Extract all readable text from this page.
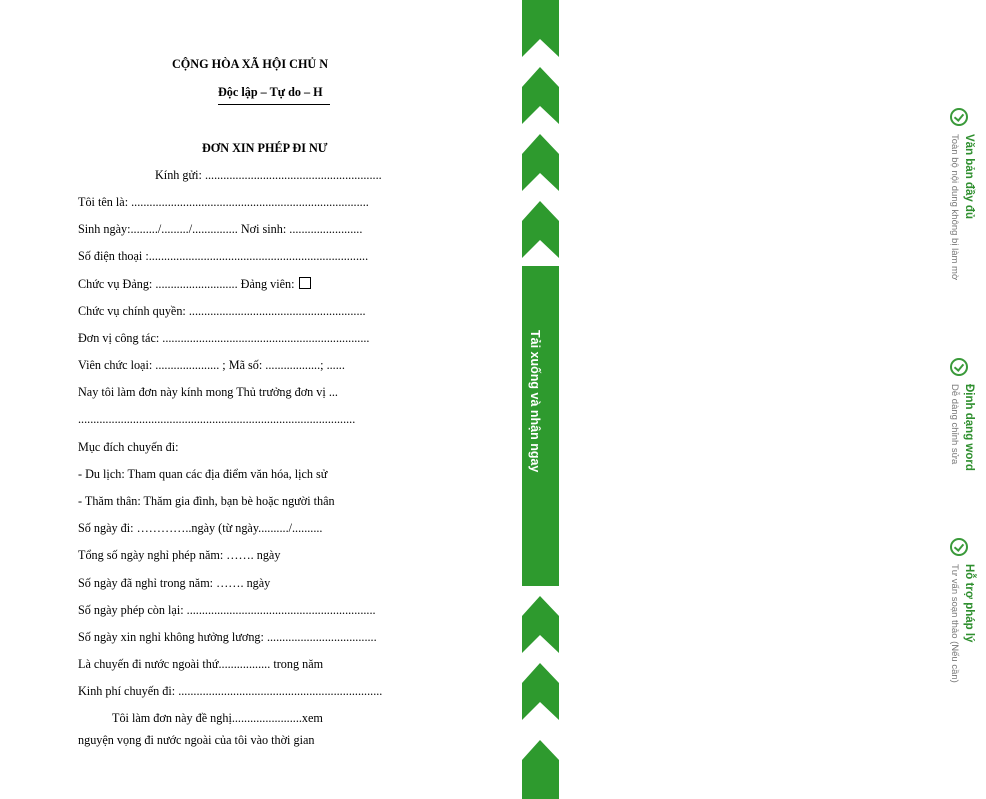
CỘNG HÒA XÃ HỘI CHỦ N
Độc lập – Tự do – H
ĐƠN XIN PHÉP ĐI NƯ
Kính gửi: ..........................................................
Tôi tên là: ..............................................................................
Sinh ngày:........./........./............... Nơi sinh: ........................
Số điện thoại :........................................................................
Chức vụ Đảng: ........................... Đảng viên:
Chức vụ chính quyền: ..........................................................
Đơn vị công tác: ....................................................................
Viên chức loại: ..................... ; Mã số: ..................; ......
Nay tôi làm đơn này kính mong Thủ trưởng đơn vị ...
...........................................................................................
Mục đích chuyến đi:
- Du lịch: Tham quan các địa điểm văn hóa, lịch sử
- Thăm thân: Thăm gia đình, bạn bè hoặc người thân
Số ngày đi: …………..ngày (từ ngày........../..........
Tổng số ngày nghỉ phép năm: ……. ngày
Số ngày đã nghỉ trong năm: ……. ngày
Số ngày phép còn lại: ..............................................................
Số ngày xin nghỉ không hưởng lương: ....................................
Là chuyến đi nước ngoài thứ................. trong năm
Kinh phí chuyến đi: ...................................................................
Tôi làm đơn này đề nghị.......................xem
nguyện vọng đi nước ngoài của tôi vào thời gian
Văn bản đầy đủ
Toàn bộ nội dung không bị làm mờ
Định dạng word
Dễ dàng chỉnh sửa
Hỗ trợ pháp lý
Tư vấn soạn thảo (Nếu cần)
Tải xuống và nhận ngay
